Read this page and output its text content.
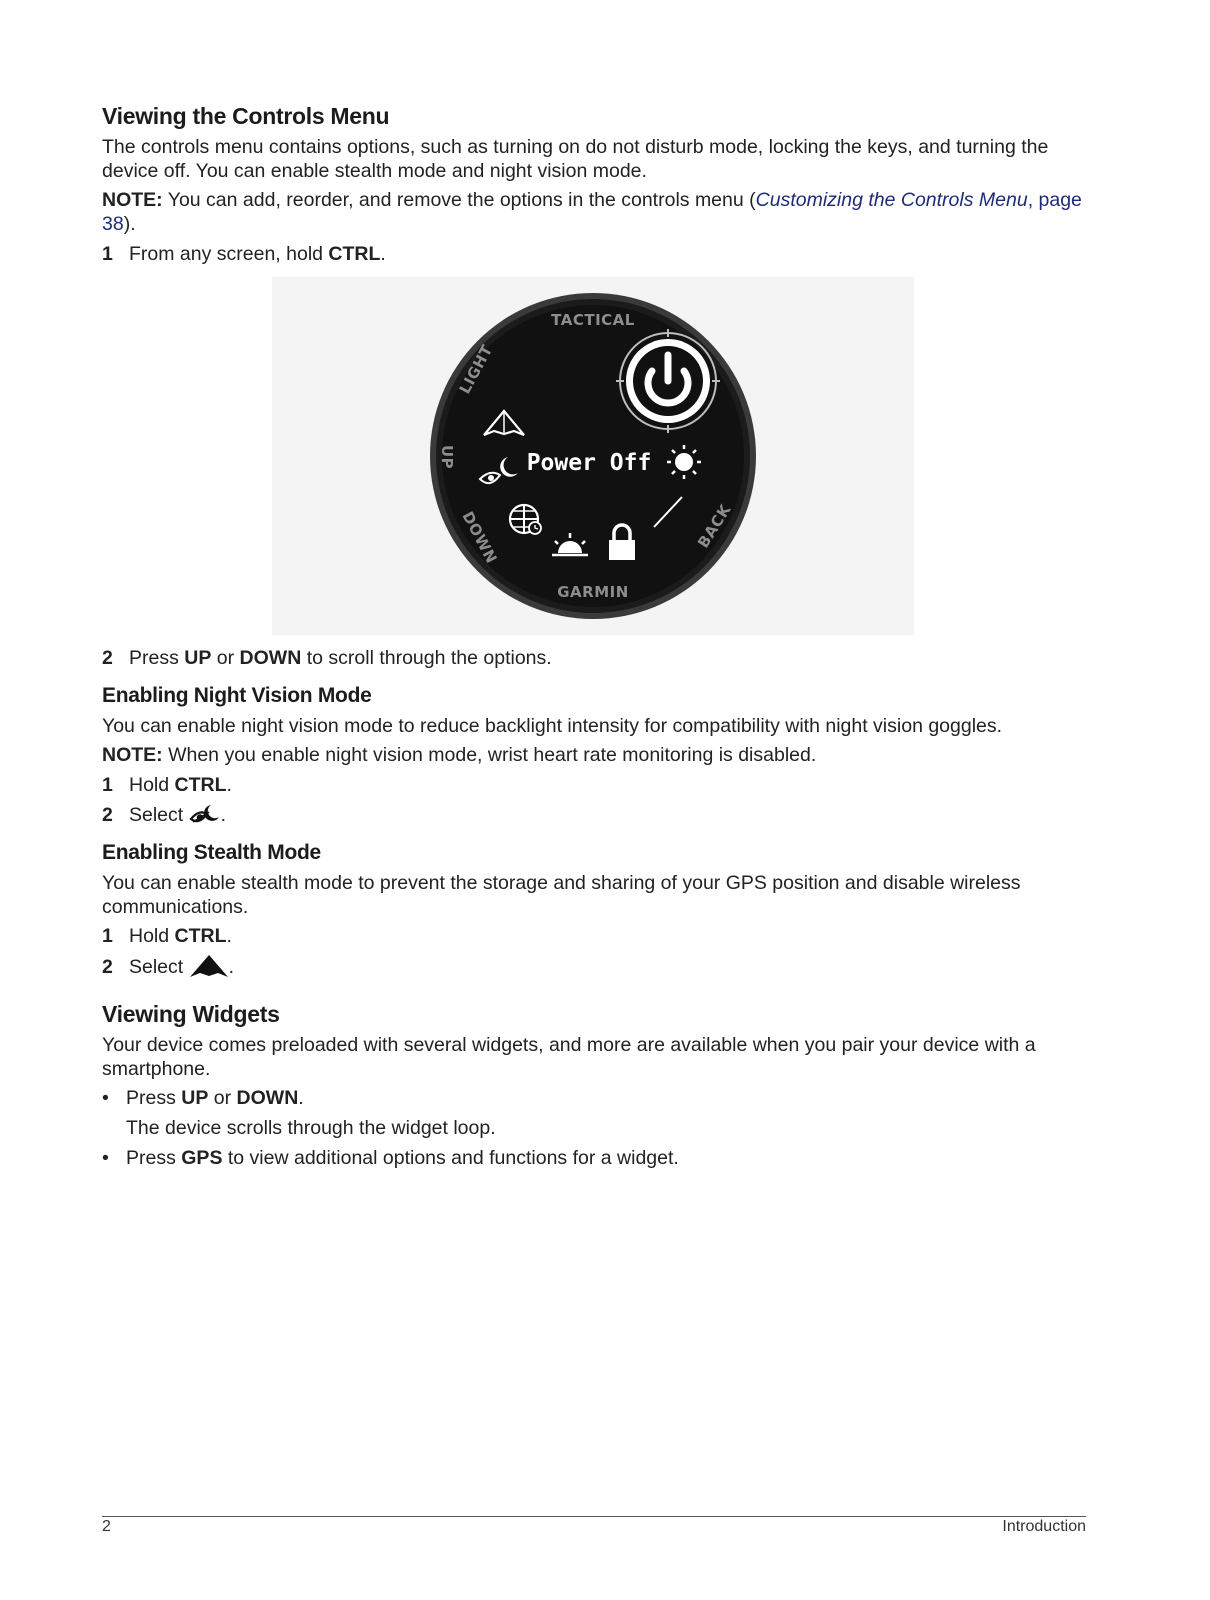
Viewing the Controls Menu

The controls menu contains options, such as turning on do not disturb mode, locking the keys, and turning the device off. You can enable stealth mode and night vision mode.

NOTE: You can add, reorder, and remove the options in the controls menu (Customizing the Controls Menu, page 38).

1 From any screen, hold CTRL.
2 Press UP or DOWN to scroll through the options.
Enabling Night Vision Mode

You can enable night vision mode to reduce backlight intensity for compatibility with night vision goggles.

NOTE: When you enable night vision mode, wrist heart rate monitoring is disabled.

1 Hold CTRL.
2 Select .
Enabling Stealth Mode

You can enable stealth mode to prevent the storage and sharing of your GPS position and disable wireless communications.

1 Hold CTRL.
2 Select .
Viewing Widgets

Your device comes preloaded with several widgets, and more are available when you pair your device with a smartphone.

• Press UP or DOWN.
The device scrolls through the widget loop.
• Press GPS to view additional options and functions for a widget.
TACTICAL
GARMIN
LIGHT
UP
DOWN	BACK
Power Off
2	Introduction
